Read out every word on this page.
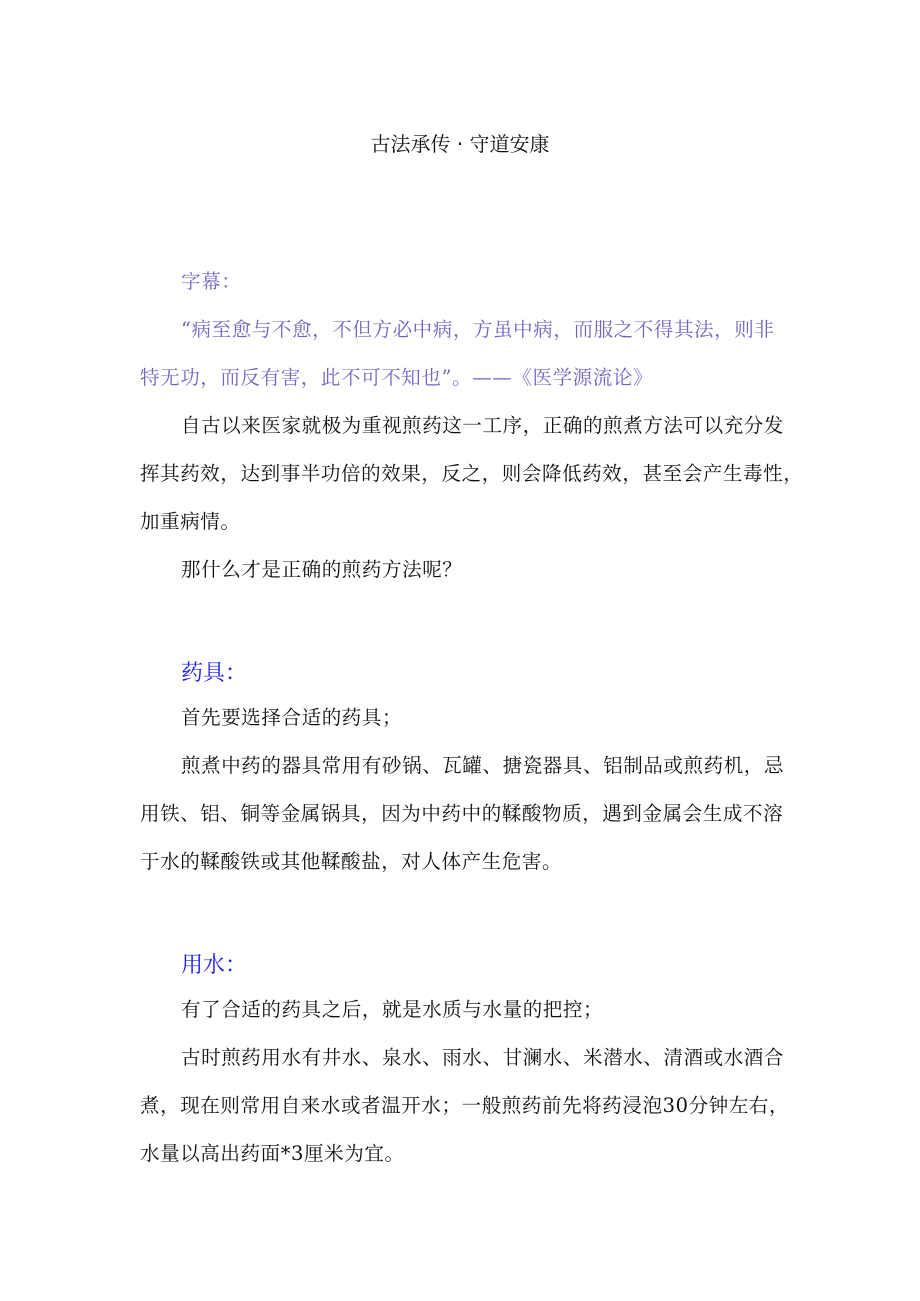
古法承传 · 守道安康
字幕：
“病至愈与不愈，不但方必中病，方虽中病，而服之不得其法，则非
特无功，而反有害，此不可不知也”。——《医学源流论》
自古以来医家就极为重视煎药这一工序，正确的煎煮方法可以充分发
挥其药效，达到事半功倍的效果，反之，则会降低药效，甚至会产生毒性，
加重病情。
那什么才是正确的煎药方法呢？
药具：
首先要选择合适的药具；
煎煮中药的器具常用有砂锅、瓦罐、搪瓷器具、铝制品或煎药机，忌
用铁、铝、铜等金属锅具，因为中药中的鞣酸物质，遇到金属会生成不溶
于水的鞣酸铁或其他鞣酸盐，对人体产生危害。
用水：
有了合适的药具之后，就是水质与水量的把控；
古时煎药用水有井水、泉水、雨水、甘澜水、米潜水、清酒或水酒合
煮，现在则常用自来水或者温开水；一般煎药前先将药浸泡30分钟左右，
水量以高出药面*3厘米为宜。
